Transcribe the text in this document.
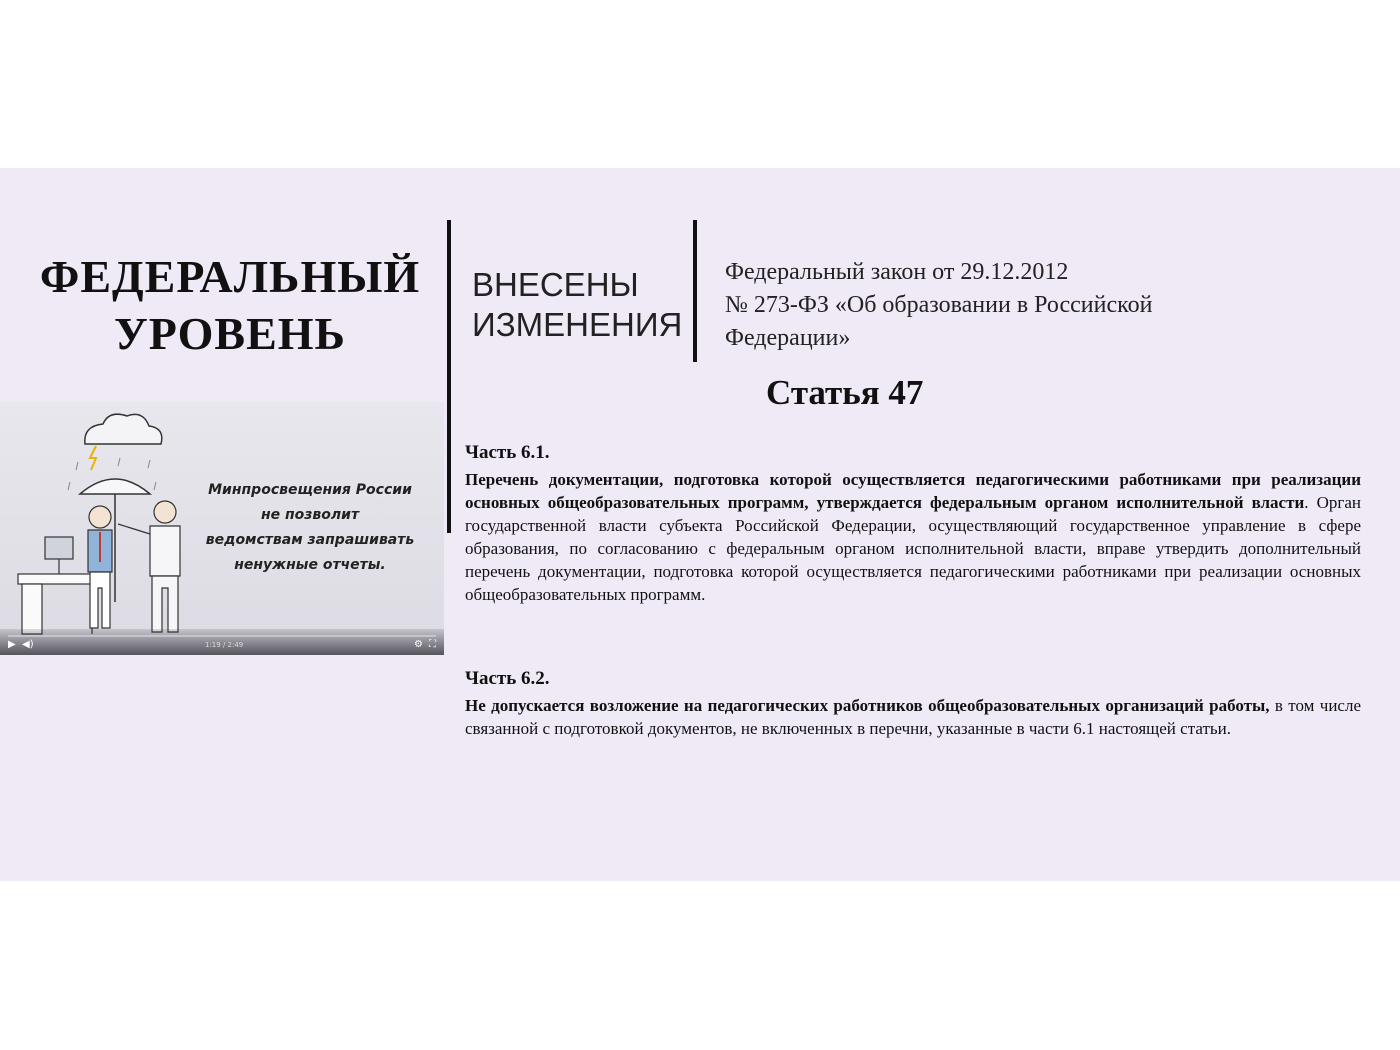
ФЕДЕРАЛЬНЫЙ
УРОВЕНЬ
ВНЕСЕНЫ
ИЗМЕНЕНИЯ
Федеральный закон от 29.12.2012
№ 273-ФЗ «Об образовании в Российской
Федерации»
Статья 47
Минпросвещения России
не позволит
ведомствам запрашивать
ненужные отчеты.
▶ ◀)	1:19 / 2:49	⚙ ⛶
Часть 6.1.
Перечень документации, подготовка которой осуществляется педагогическими работниками при реализации основных общеобразовательных программ, утверждается федеральным органом исполнительной власти. Орган государственной власти субъекта Российской Федерации, осуществляющий государственное управление в сфере образования, по согласованию с федеральным органом исполнительной власти, вправе утвердить дополнительный перечень документации, подготовка которой осуществляется педагогическими работниками при реализации основных общеобразовательных программ.
Часть 6.2.
Не допускается возложение на педагогических работников общеобразовательных организаций работы, в том числе связанной с подготовкой документов, не включенных в перечни, указанные в части 6.1 настоящей статьи.
